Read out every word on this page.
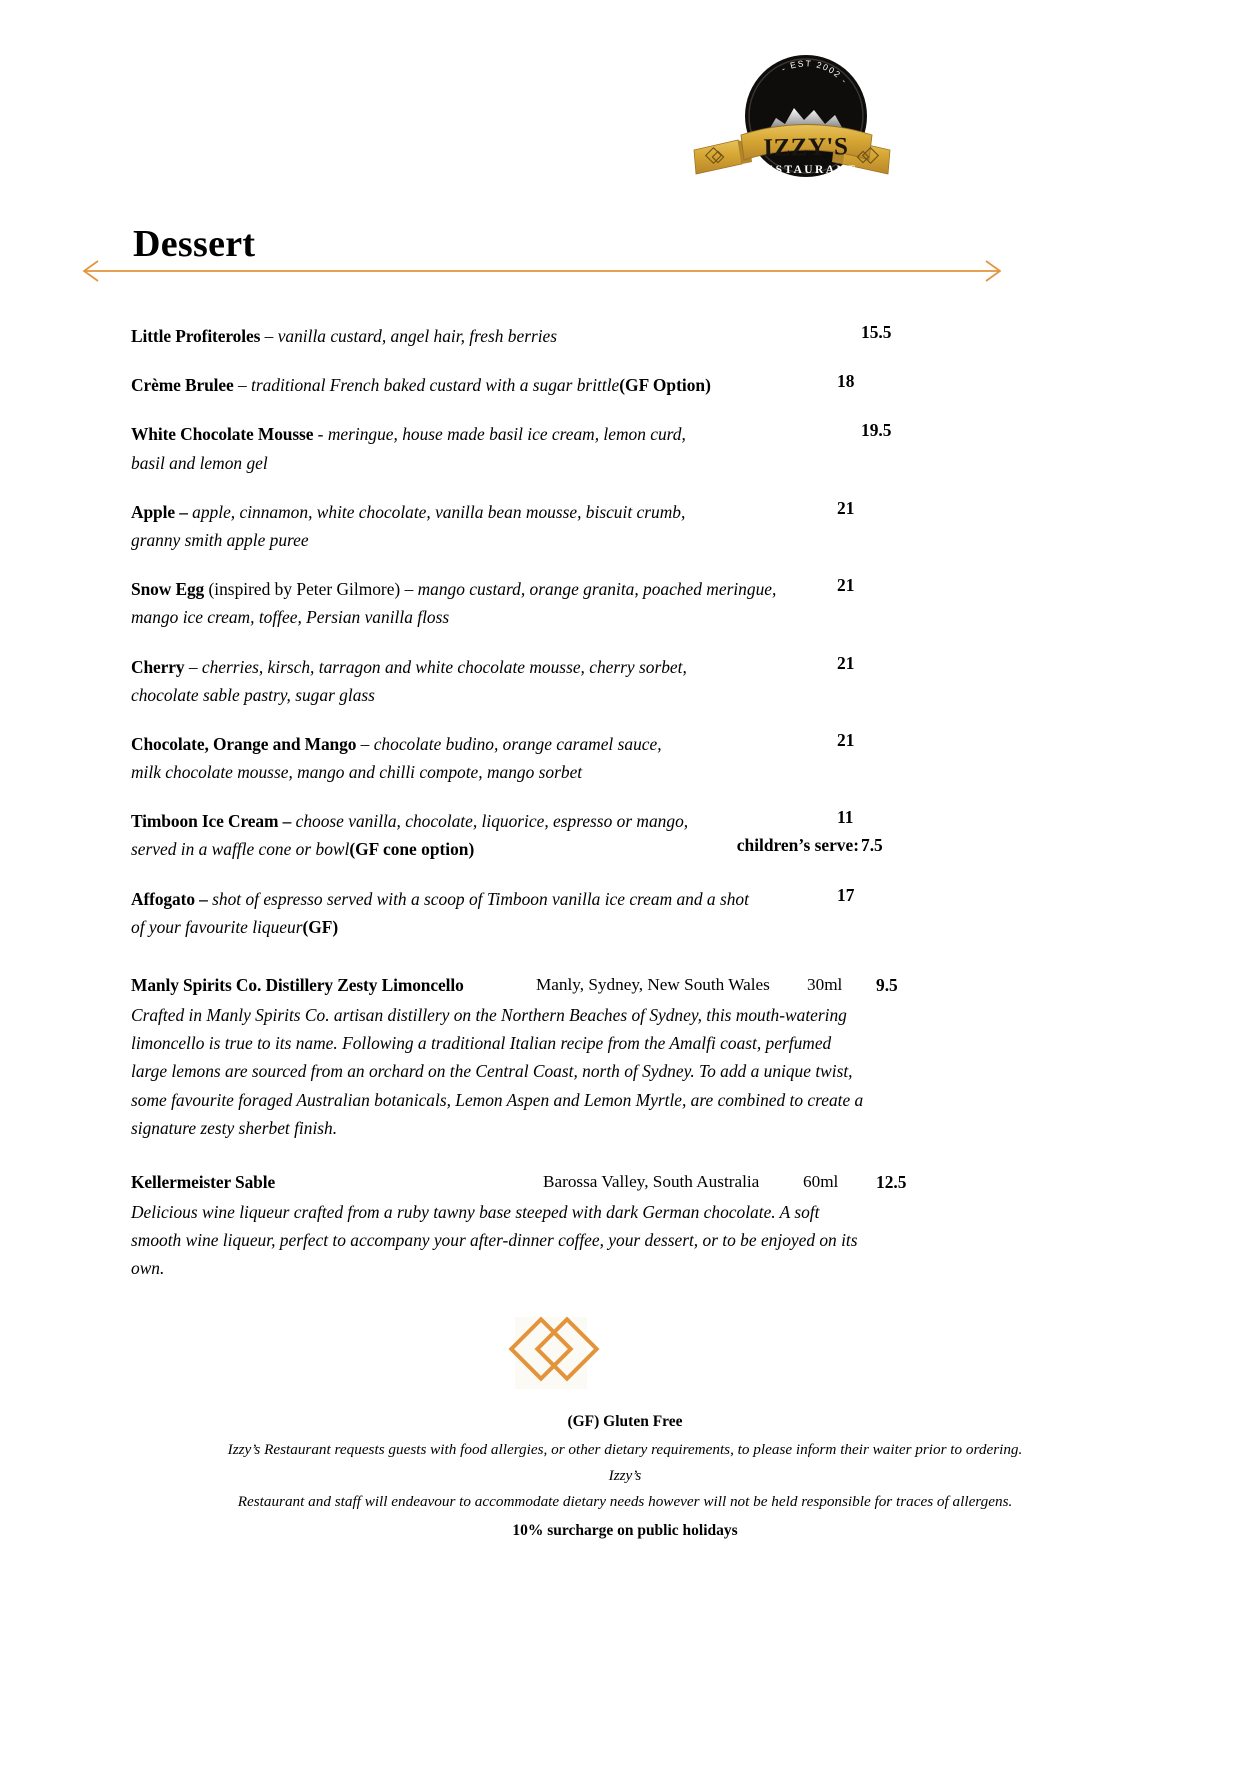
- EST 2002 -
IZZY'S
RESTAURANT
Dessert
Little Profiteroles – vanilla custard, angel hair, fresh berries	15.5
Crème Brulee – traditional French baked custard with a sugar brittle(GF Option)	18
White Chocolate Mousse - meringue, house made basil ice cream, lemon curd,
basil and lemon gel
19.5
Apple – apple, cinnamon, white chocolate, vanilla bean mousse, biscuit crumb,
granny smith apple puree
21
Snow Egg (inspired by Peter Gilmore) – mango custard, orange granita, poached meringue,
mango ice cream, toffee, Persian vanilla floss
21
Cherry – cherries, kirsch, tarragon and white chocolate mousse, cherry sorbet,
chocolate sable pastry, sugar glass
21
Chocolate, Orange and Mango – chocolate budino, orange caramel sauce,
milk chocolate mousse, mango and chilli compote, mango sorbet
21
Timboon Ice Cream – choose vanilla, chocolate, liquorice, espresso or mango,
served in a waffle cone or bowl(GF cone option)
11
children’s serve: 7.5
Affogato – shot of espresso served with a scoop of Timboon vanilla ice cream and a shot
of your favourite liqueur(GF)
17
Manly Spirits Co. Distillery Zesty Limoncello	Manly, Sydney, New South Wales 30ml 9.5
Crafted in Manly Spirits Co. artisan distillery on the Northern Beaches of Sydney, this mouth-watering limoncello is true to its name. Following a traditional Italian recipe from the Amalfi coast, perfumed large lemons are sourced from an orchard on the Central Coast, north of Sydney. To add a unique twist, some favourite foraged Australian botanicals, Lemon Aspen and Lemon Myrtle, are combined to create a signature zesty sherbet finish.
Kellermeister Sable	Barossa Valley, South Australia	60ml 12.5
Delicious wine liqueur crafted from a ruby tawny base steeped with dark German chocolate. A soft smooth wine liqueur, perfect to accompany your after-dinner coffee, your dessert, or to be enjoyed on its own.
(GF) Gluten Free
Izzy’s Restaurant requests guests with food allergies, or other dietary requirements, to please inform their waiter prior to ordering. Izzy’s
Restaurant and staff will endeavour to accommodate dietary needs however will not be held responsible for traces of allergens.
10% surcharge on public holidays
